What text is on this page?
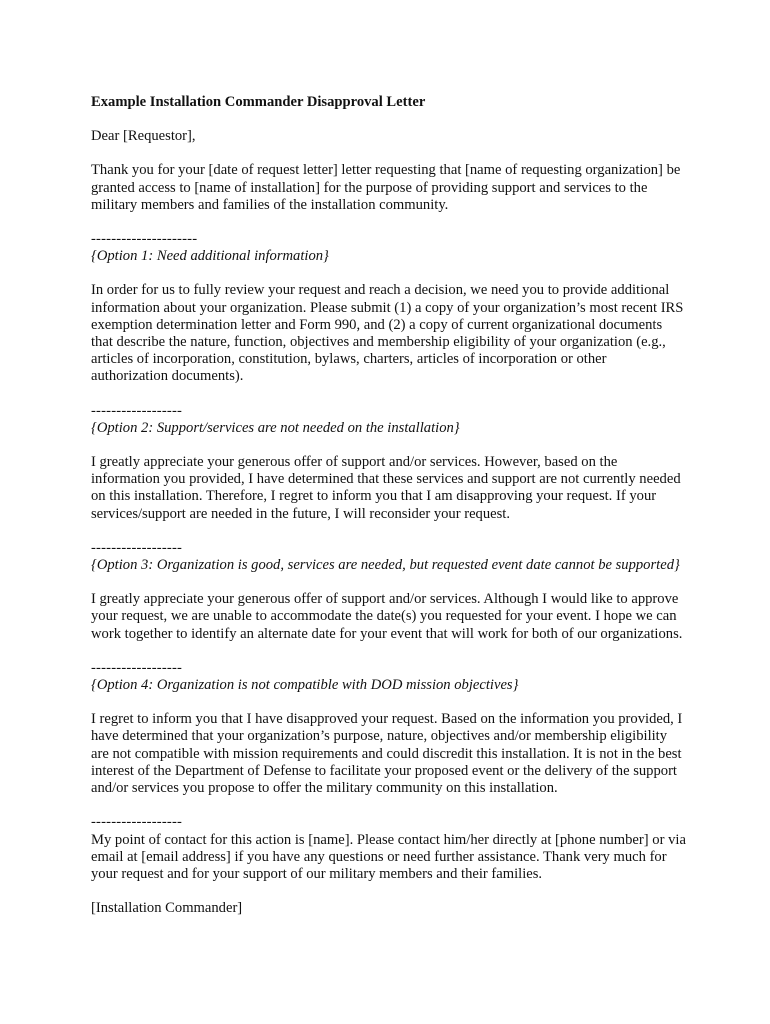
Example Installation Commander Disapproval Letter

Dear [Requestor],

Thank you for your [date of request letter] letter requesting that [name of requesting organization] be granted access to [name of installation] for the purpose of providing support and services to the military members and families of the installation community.

---------------------
{Option 1: Need additional information}

In order for us to fully review your request and reach a decision, we need you to provide additional information about your organization. Please submit (1) a copy of your organization’s most recent IRS exemption determination letter and Form 990, and (2) a copy of current organizational documents that describe the nature, function, objectives and membership eligibility of your organization (e.g., articles of incorporation, constitution, bylaws, charters, articles of incorporation or other authorization documents).

------------------
{Option 2: Support/services are not needed on the installation}

I greatly appreciate your generous offer of support and/or services. However, based on the information you provided, I have determined that these services and support are not currently needed on this installation. Therefore, I regret to inform you that I am disapproving your request. If your services/support are needed in the future, I will reconsider your request.

------------------
{Option 3: Organization is good, services are needed, but requested event date cannot be supported}

I greatly appreciate your generous offer of support and/or services. Although I would like to approve your request, we are unable to accommodate the date(s) you requested for your event. I hope we can work together to identify an alternate date for your event that will work for both of our organizations.

------------------
{Option 4: Organization is not compatible with DOD mission objectives}

I regret to inform you that I have disapproved your request. Based on the information you provided, I have determined that your organization’s purpose, nature, objectives and/or membership eligibility are not compatible with mission requirements and could discredit this installation. It is not in the best interest of the Department of Defense to facilitate your proposed event or the delivery of the support and/or services you propose to offer the military community on this installation.

------------------

My point of contact for this action is [name]. Please contact him/her directly at [phone number] or via email at [email address] if you have any questions or need further assistance. Thank very much for your request and for your support of our military members and their families.

[Installation Commander]
